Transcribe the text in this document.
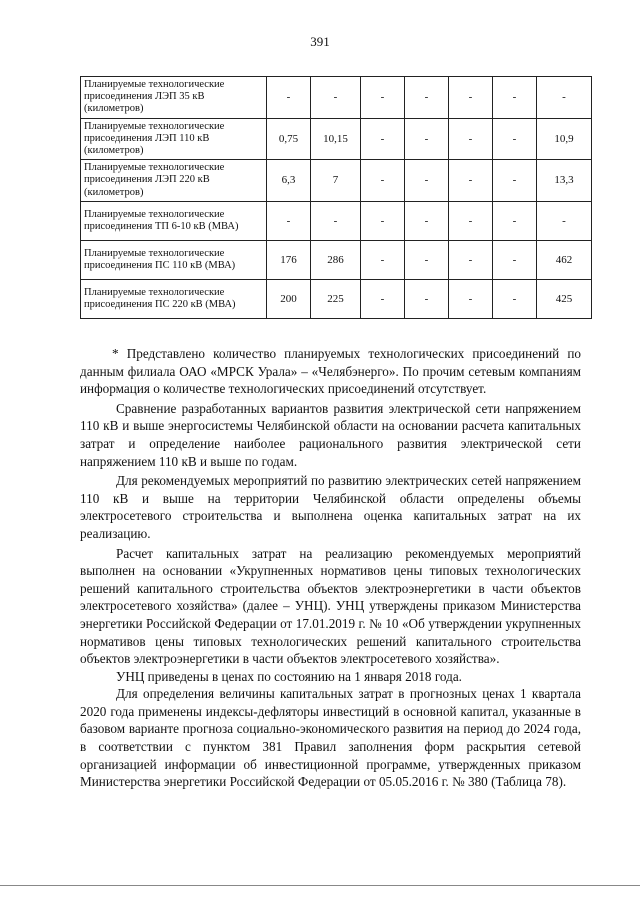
391
Планируемые технологические присоединения ЛЭП 35 кВ (километров)	-	-	-	-	-	-	-
Планируемые технологические присоединения ЛЭП 110 кВ (километров)	0,75	10,15	-	-	-	-	10,9
Планируемые технологические присоединения ЛЭП 220 кВ (километров)	6,3	7	-	-	-	-	13,3
Планируемые технологические присоединения ТП 6-10 кВ (МВА)	-	-	-	-	-	-	-
Планируемые технологические присоединения ПС 110 кВ (МВА)	176	286	-	-	-	-	462
Планируемые технологические присоединения ПС 220 кВ (МВА)	200	225	-	-	-	-	425

* Представлено количество планируемых технологических присоединений по данным филиала ОАО «МРСК Урала» – «Челябэнерго». По прочим сетевым компаниям информация о количестве технологических присоединений отсутствует.

Сравнение разработанных вариантов развития электрической сети напряжением 110 кВ и выше энергосистемы Челябинской области на основании расчета капитальных затрат и определение наиболее рационального развития электрической сети напряжением 110 кВ и выше по годам.

Для рекомендуемых мероприятий по развитию электрических сетей напряжением 110 кВ и выше на территории Челябинской области определены объемы электросетевого строительства и выполнена оценка капитальных затрат на их реализацию.

Расчет капитальных затрат на реализацию рекомендуемых мероприятий выполнен на основании «Укрупненных нормативов цены типовых технологических решений капитального строительства объектов электроэнергетики в части объектов электросетевого хозяйства» (далее – УНЦ). УНЦ утверждены приказом Министерства энергетики Российской Федерации от 17.01.2019 г. № 10 «Об утверждении укрупненных нормативов цены типовых технологических решений капитального строительства объектов электроэнергетики в части объектов электросетевого хозяйства».

УНЦ приведены в ценах по состоянию на 1 января 2018 года.

Для определения величины капитальных затрат в прогнозных ценах 1 квартала 2020 года применены индексы-дефляторы инвестиций в основной капитал, указанные в базовом варианте прогноза социально-экономического развития на период до 2024 года, в соответствии с пунктом 381 Правил заполнения форм раскрытия сетевой организацией информации об инвестиционной программе, утвержденных приказом Министерства энергетики Российской Федерации от 05.05.2016 г. № 380 (Таблица 78).
